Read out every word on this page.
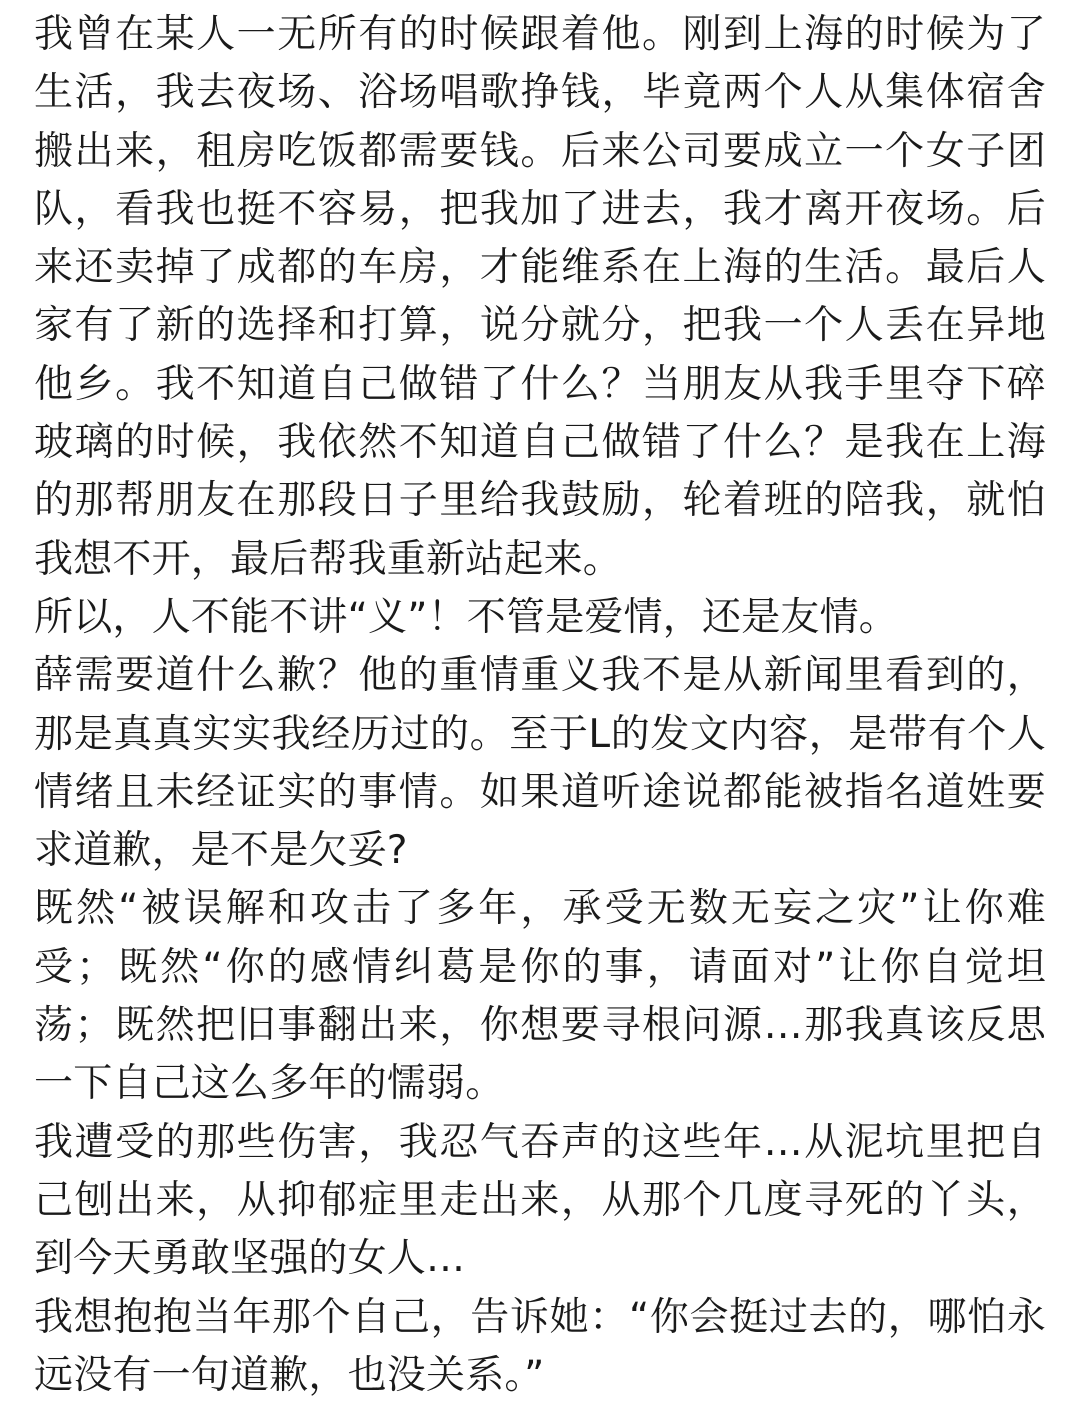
我曾在某人一无所有的时候跟着他。刚到上海的时候为了生活，我去夜场、浴场唱歌挣钱，毕竟两个人从集体宿舍搬出来，租房吃饭都需要钱。后来公司要成立一个女子团队，看我也挺不容易，把我加了进去，我才离开夜场。后来还卖掉了成都的车房，才能维系在上海的生活。最后人家有了新的选择和打算，说分就分，把我一个人丢在异地他乡。我不知道自己做错了什么？当朋友从我手里夺下碎玻璃的时候，我依然不知道自己做错了什么？是我在上海的那帮朋友在那段日子里给我鼓励，轮着班的陪我，就怕我想不开，最后帮我重新站起来。

所以，人不能不讲“义”！不管是爱情，还是友情。

薛需要道什么歉？他的重情重义我不是从新闻里看到的，那是真真实实我经历过的。至于L的发文内容，是带有个人情绪且未经证实的事情。如果道听途说都能被指名道姓要求道歉，是不是欠妥?

既然“被误解和攻击了多年，承受无数无妄之灾”让你难受；既然“你的感情纠葛是你的事，请面对”让你自觉坦荡；既然把旧事翻出来，你想要寻根问源…那我真该反思一下自己这么多年的懦弱。

我遭受的那些伤害，我忍气吞声的这些年…从泥坑里把自己刨出来，从抑郁症里走出来，从那个几度寻死的丫头，到今天勇敢坚强的女人…

我想抱抱当年那个自己，告诉她：“你会挺过去的，哪怕永远没有一句道歉，也没关系。”
